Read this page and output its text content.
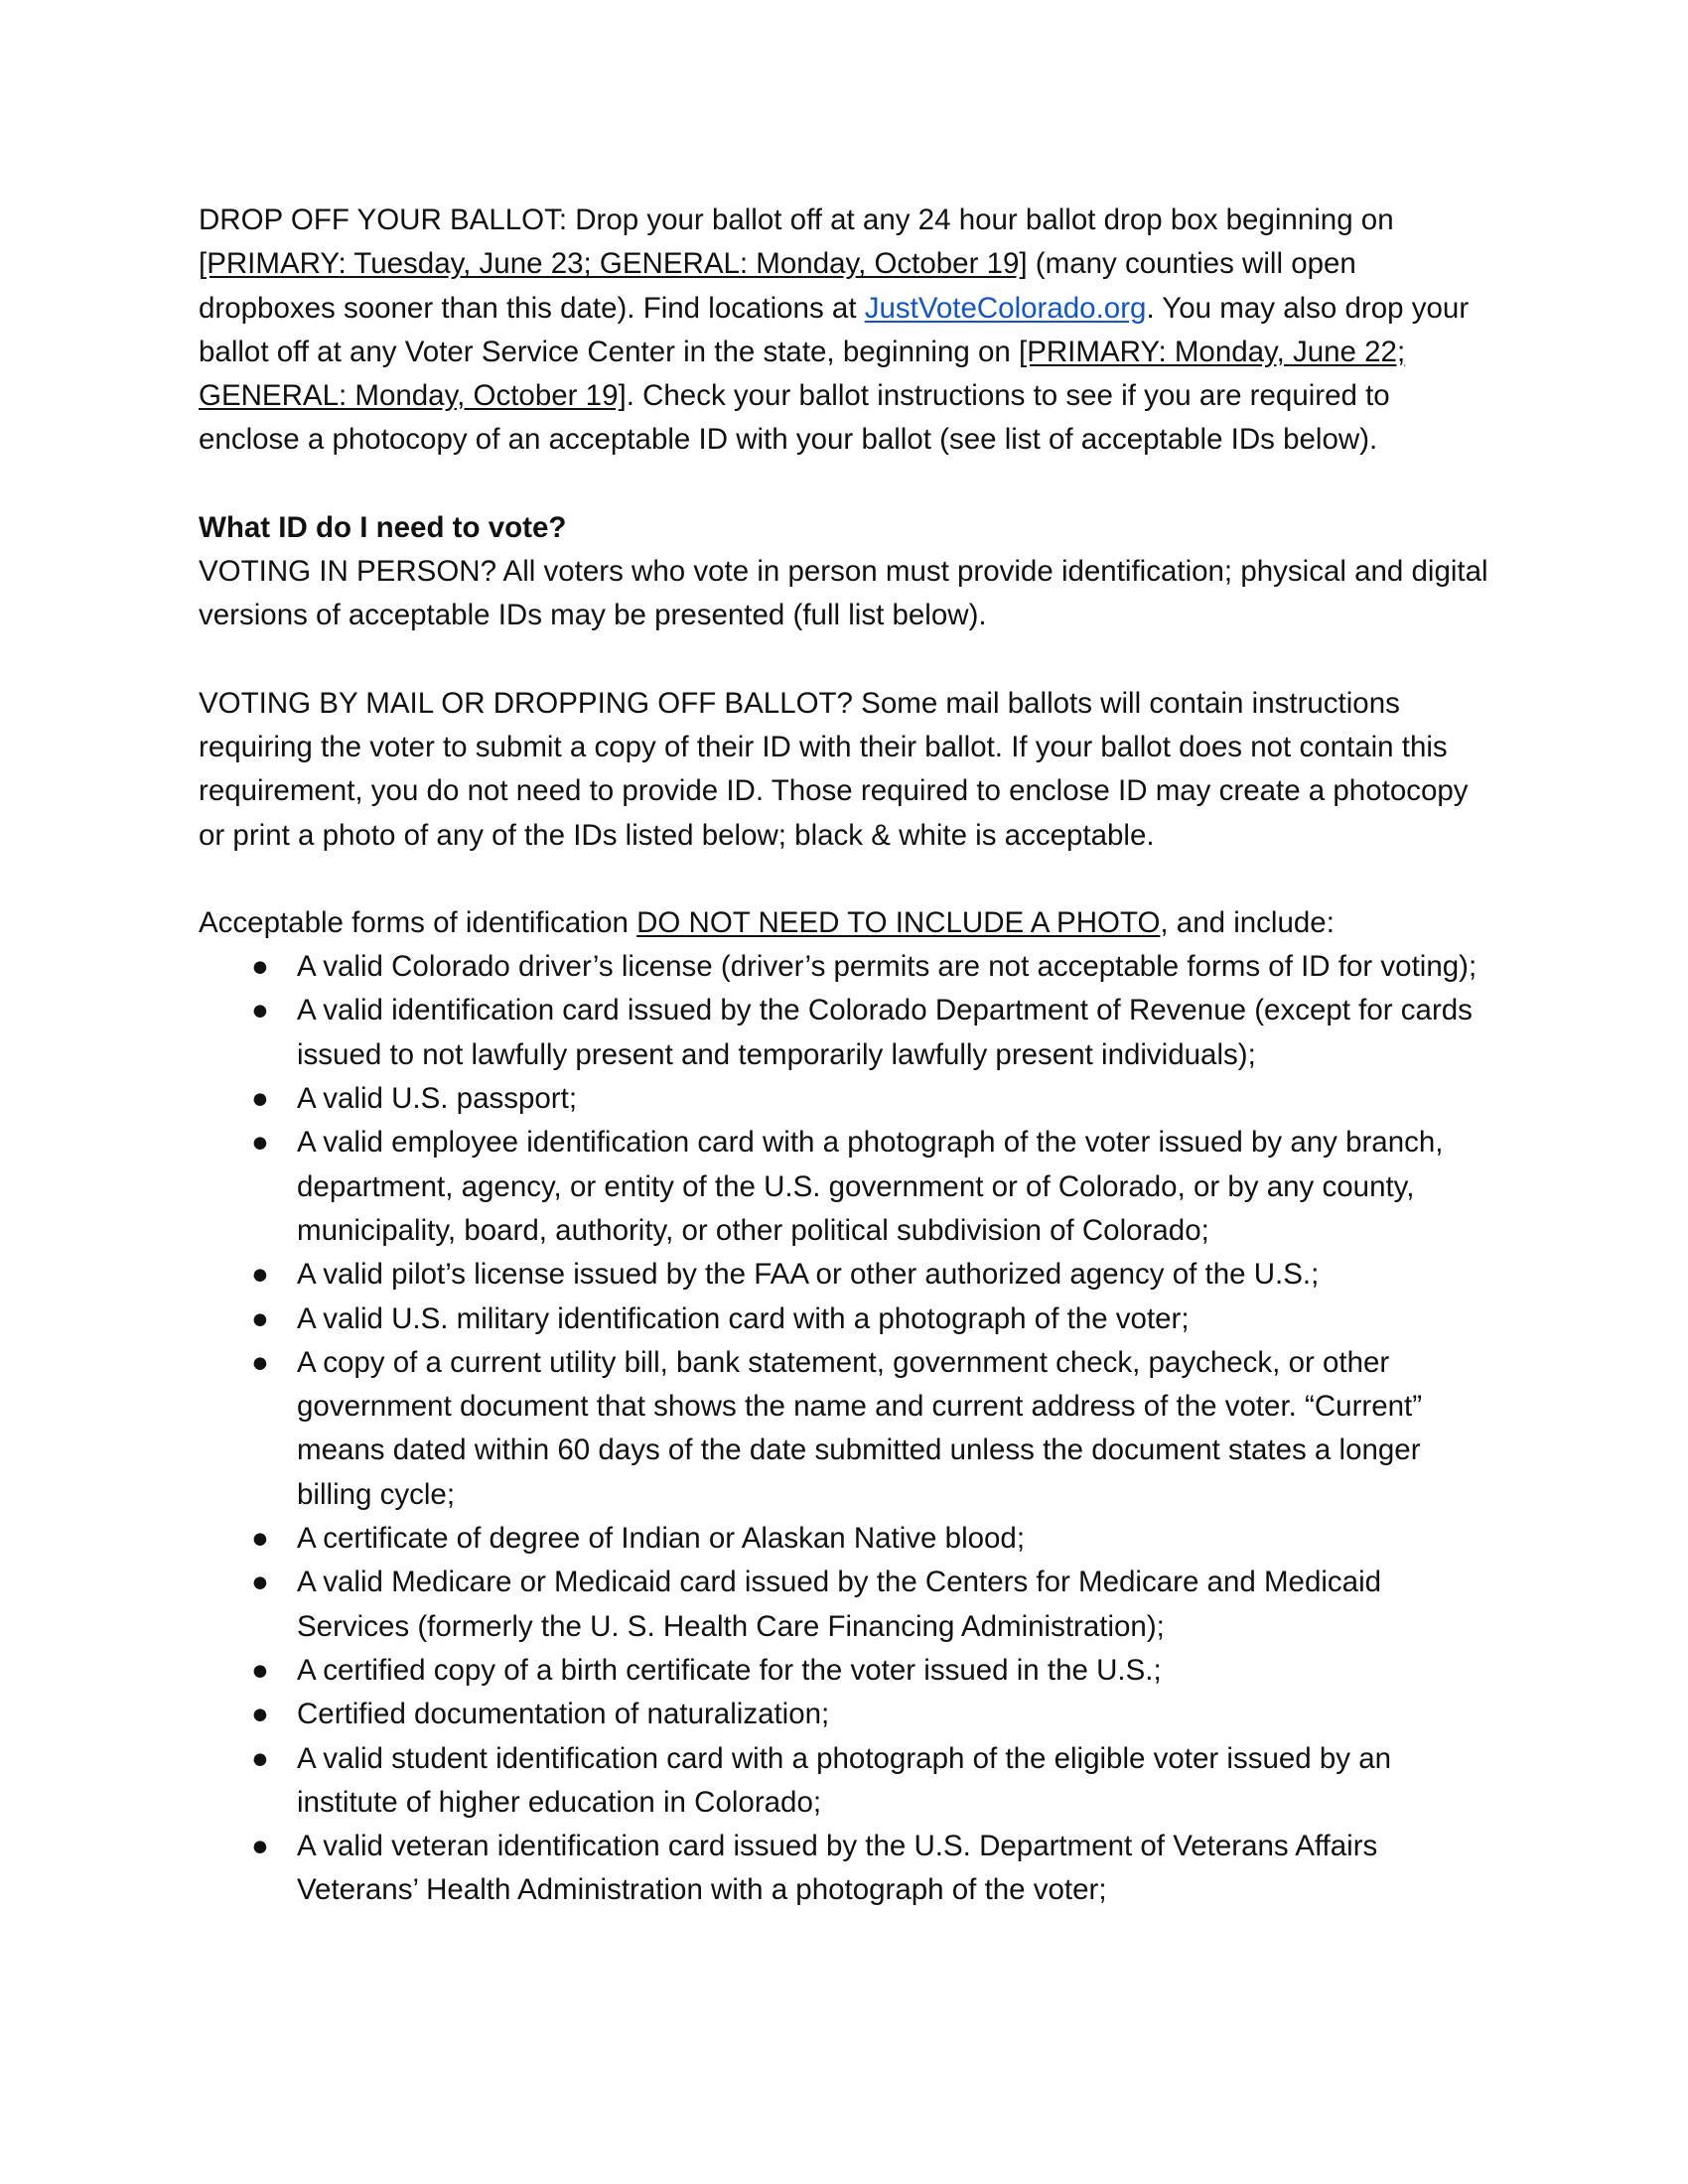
DROP OFF YOUR BALLOT: Drop your ballot off at any 24 hour ballot drop box beginning on [PRIMARY: Tuesday, June 23; GENERAL: Monday, October 19] (many counties will open dropboxes sooner than this date). Find locations at JustVoteColorado.org. You may also drop your ballot off at any Voter Service Center in the state, beginning on [PRIMARY: Monday, June 22; GENERAL: Monday, October 19]. Check your ballot instructions to see if you are required to enclose a photocopy of an acceptable ID with your ballot (see list of acceptable IDs below).

What ID do I need to vote?

VOTING IN PERSON? All voters who vote in person must provide identification; physical and digital versions of acceptable IDs may be presented (full list below).

VOTING BY MAIL OR DROPPING OFF BALLOT? Some mail ballots will contain instructions requiring the voter to submit a copy of their ID with their ballot. If your ballot does not contain this requirement, you do not need to provide ID. Those required to enclose ID may create a photocopy or print a photo of any of the IDs listed below; black & white is acceptable.

Acceptable forms of identification DO NOT NEED TO INCLUDE A PHOTO, and include:

● A valid Colorado driver’s license (driver’s permits are not acceptable forms of ID for voting);
● A valid identification card issued by the Colorado Department of Revenue (except for cards issued to not lawfully present and temporarily lawfully present individuals);
● A valid U.S. passport;
● A valid employee identification card with a photograph of the voter issued by any branch, department, agency, or entity of the U.S. government or of Colorado, or by any county, municipality, board, authority, or other political subdivision of Colorado;
● A valid pilot’s license issued by the FAA or other authorized agency of the U.S.;
● A valid U.S. military identification card with a photograph of the voter;
● A copy of a current utility bill, bank statement, government check, paycheck, or other government document that shows the name and current address of the voter. “Current” means dated within 60 days of the date submitted unless the document states a longer billing cycle;
● A certificate of degree of Indian or Alaskan Native blood;
● A valid Medicare or Medicaid card issued by the Centers for Medicare and Medicaid Services (formerly the U. S. Health Care Financing Administration);
● A certified copy of a birth certificate for the voter issued in the U.S.;
● Certified documentation of naturalization;
● A valid student identification card with a photograph of the eligible voter issued by an institute of higher education in Colorado;
● A valid veteran identification card issued by the U.S. Department of Veterans Affairs Veterans’ Health Administration with a photograph of the voter;
